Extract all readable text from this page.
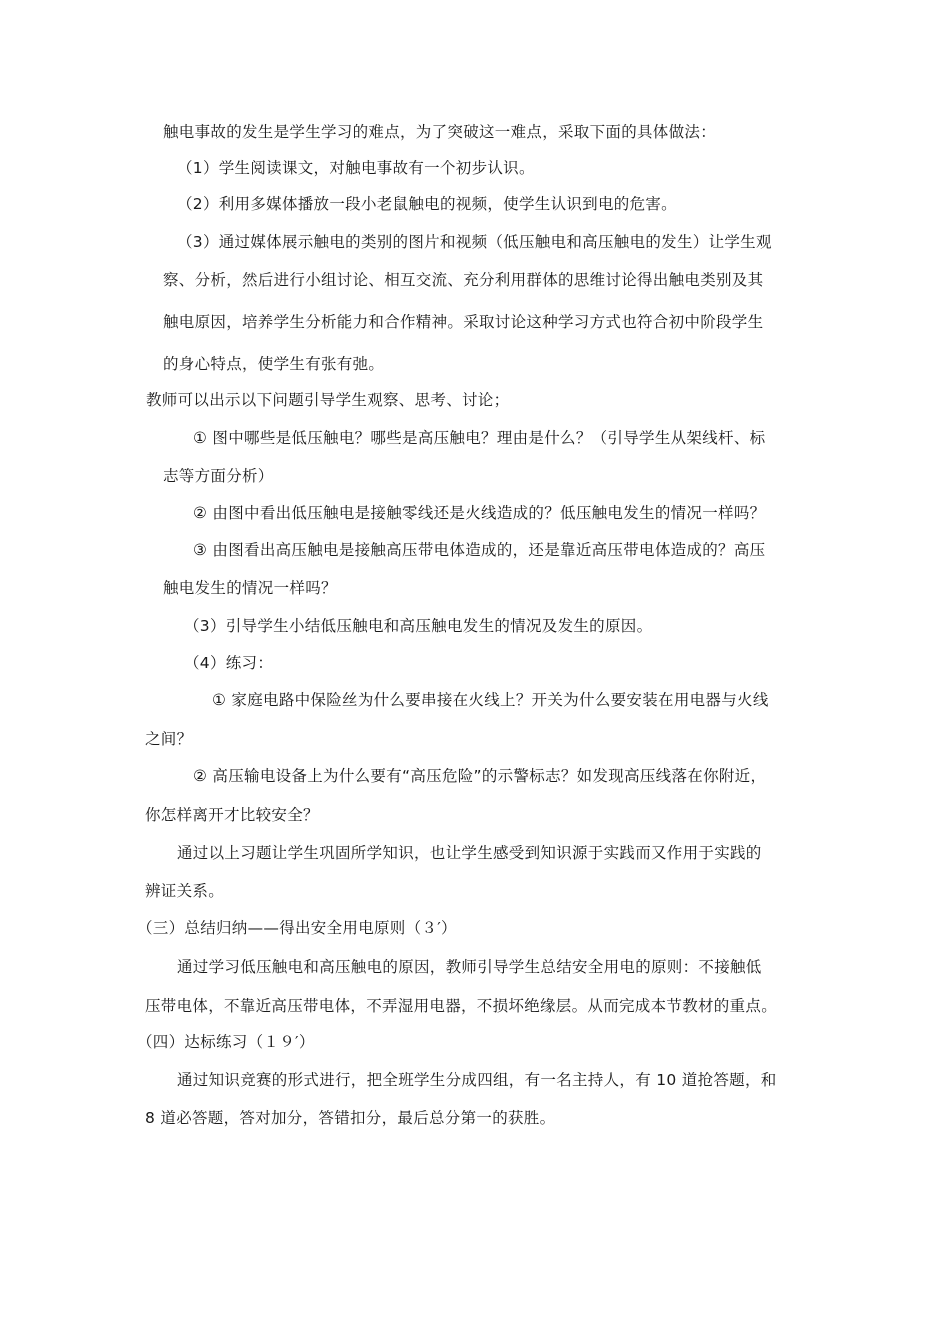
触电事故的发生是学生学习的难点，为了突破这一难点，采取下面的具体做法：
（1）学生阅读课文，对触电事故有一个初步认识。
（2）利用多媒体播放一段小老鼠触电的视频，使学生认识到电的危害。
（3）通过媒体展示触电的类别的图片和视频（低压触电和高压触电的发生）让学生观
察、分析，然后进行小组讨论、相互交流、充分利用群体的思维讨论得出触电类别及其
触电原因，培养学生分析能力和合作精神。采取讨论这种学习方式也符合初中阶段学生
的身心特点，使学生有张有弛。
教师可以出示以下问题引导学生观察、思考、讨论；
① 图中哪些是低压触电？哪些是高压触电？理由是什么？（引导学生从架线杆、标
志等方面分析）
② 由图中看出低压触电是接触零线还是火线造成的？低压触电发生的情况一样吗？
③ 由图看出高压触电是接触高压带电体造成的，还是靠近高压带电体造成的？高压
触电发生的情况一样吗？
（3）引导学生小结低压触电和高压触电发生的情况及发生的原因。
（4）练习：
① 家庭电路中保险丝为什么要串接在火线上？开关为什么要安装在用电器与火线
之间？
② 高压输电设备上为什么要有“高压危险”的示警标志？如发现高压线落在你附近，
你怎样离开才比较安全？
通过以上习题让学生巩固所学知识，也让学生感受到知识源于实践而又作用于实践的
辨证关系。
（三）总结归纳——得出安全用电原则（３′）
通过学习低压触电和高压触电的原因，教师引导学生总结安全用电的原则：不接触低
压带电体，不靠近高压带电体，不弄湿用电器，不损坏绝缘层。从而完成本节教材的重点。
（四）达标练习（１９′）
通过知识竞赛的形式进行，把全班学生分成四组，有一名主持人，有 10 道抢答题，和
8 道必答题，答对加分，答错扣分，最后总分第一的获胜。
